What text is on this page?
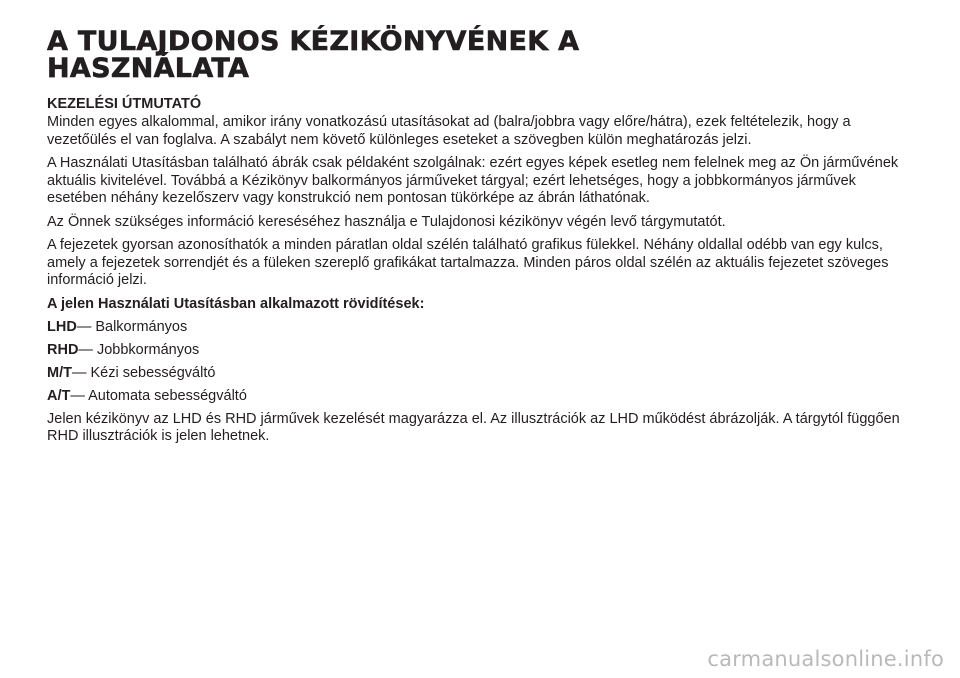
A TULAJDONOS KÉZIKÖNYVÉNEK A
HASZNÁLATA
KEZELÉSI ÚTMUTATÓ

Minden egyes alkalommal, amikor irány vonatkozású utasításokat ad (balra/jobbra vagy előre/hátra), ezek feltételezik, hogy a vezetőülés el van foglalva. A szabályt nem követő különleges eseteket a szövegben külön meghatározás jelzi.

A Használati Utasításban található ábrák csak példaként szolgálnak: ezért egyes képek esetleg nem felelnek meg az Ön járművének aktuális kivitelével. Továbbá a Kézikönyv balkormányos járműveket tárgyal; ezért lehetséges, hogy a jobbkormányos járművek esetében néhány kezelőszerv vagy konstrukció nem pontosan tükörképe az ábrán láthatónak.

Az Önnek szükséges információ kereséséhez használja e Tulajdonosi kézikönyv végén levő tárgymutatót.

A fejezetek gyorsan azonosíthatók a minden páratlan oldal szélén található grafikus fülekkel. Néhány oldallal odébb van egy kulcs, amely a fejezetek sorrendjét és a füleken szereplő grafikákat tartalmazza. Minden páros oldal szélén az aktuális fejezetet szöveges információ jelzi.

A jelen Használati Utasításban alkalmazott rövidítések:
LHD— Balkormányos
RHD— Jobbkormányos
M/T— Kézi sebességváltó
A/T— Automata sebességváltó

Jelen kézikönyv az LHD és RHD járművek kezelését magyarázza el. Az illusztrációk az LHD működést ábrázolják. A tárgytól függően RHD illusztrációk is jelen lehetnek.

carmanualsonline.info
